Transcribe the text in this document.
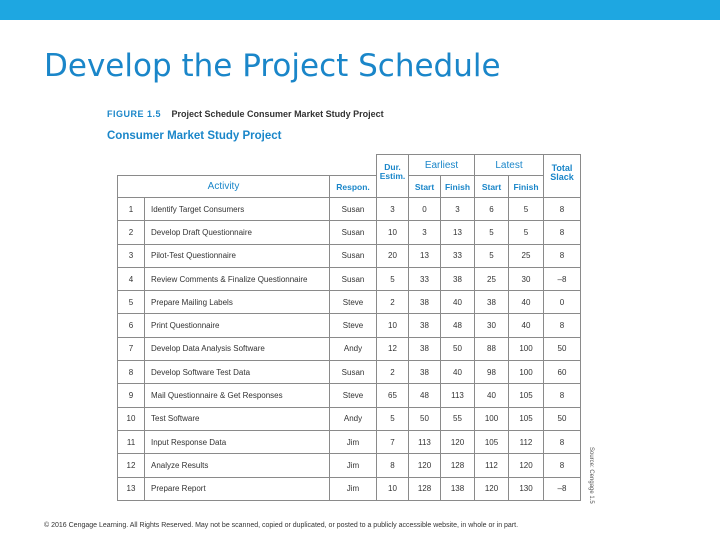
Develop the Project Schedule
FIGURE 1.5 Project Schedule Consumer Market Study Project
Consumer Market Study Project
			Dur. Estim.	Earliest		Latest		Total Slack
Activity		Respon.		Start	Finish	Start	Finish	
1	Identify Target Consumers	Susan	3	0	3	6	5	8
2	Develop Draft Questionnaire	Susan	10	3	13	5	5	8
3	Pilot-Test Questionnaire	Susan	20	13	33	5	25	8
4	Review Comments & Finalize Questionnaire	Susan	5	33	38	25	30	–8
5	Prepare Mailing Labels	Steve	2	38	40	38	40	0
6	Print Questionnaire	Steve	10	38	48	30	40	8
7	Develop Data Analysis Software	Andy	12	38	50	88	100	50
8	Develop Software Test Data	Susan	2	38	40	98	100	60
9	Mail Questionnaire & Get Responses	Steve	65	48	113	40	105	8
10	Test Software	Andy	5	50	55	100	105	50
11	Input Response Data	Jim	7	113	120	105	112	8
12	Analyze Results	Jim	8	120	128	112	120	8
13	Prepare Report	Jim	10	128	138	120	130	–8	Source: Cengage 1.5
© 2016 Cengage Learning. All Rights Reserved. May not be scanned, copied or duplicated, or posted to a publicly accessible website, in whole or in part.
